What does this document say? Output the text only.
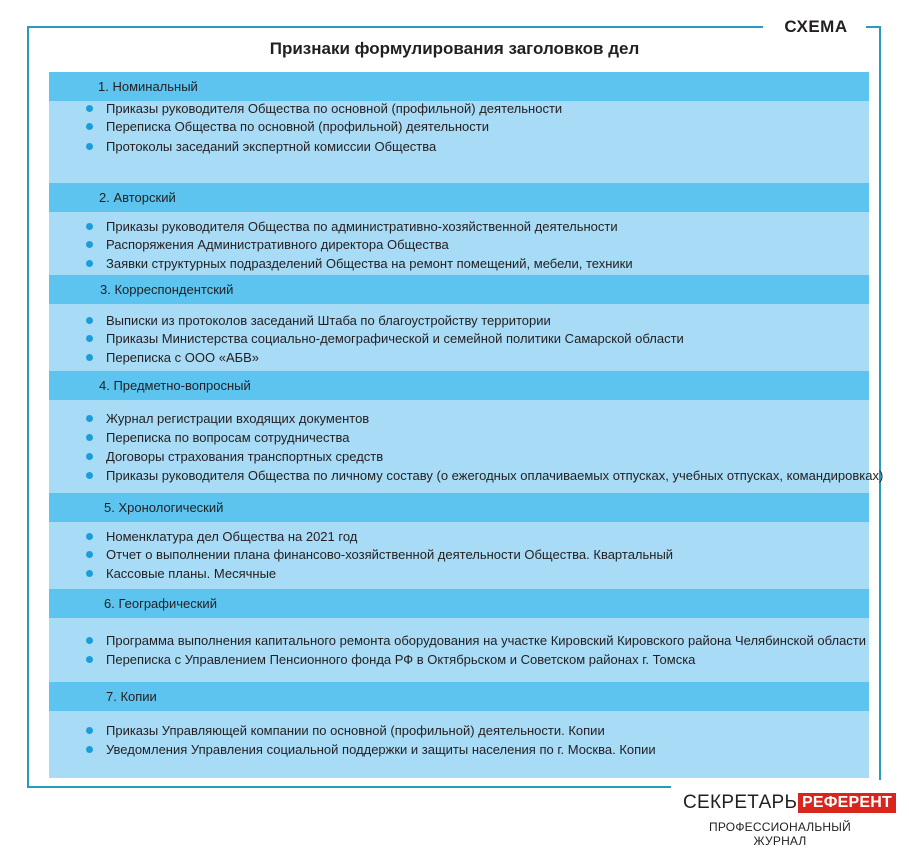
СХЕМА
Признаки формулирования заголовков дел
1. Номинальный
Приказы руководителя Общества по основной (профильной) деятельности
Переписка Общества по основной (профильной) деятельности
Протоколы заседаний экспертной комиссии Общества
2. Авторский
Приказы руководителя Общества по административно-хозяйственной деятельности
Распоряжения Административного директора Общества
Заявки структурных подразделений Общества на ремонт помещений, мебели, техники
3. Корреспондентский
Выписки из протоколов заседаний Штаба по благоустройству территории
Приказы Министерства социально-демографической и семейной политики Самарской области
Переписка с ООО «АБВ»
4. Предметно-вопросный
Журнал регистрации входящих документов
Переписка по вопросам сотрудничества
Договоры страхования транспортных средств
Приказы руководителя Общества по личному составу (о ежегодных оплачиваемых отпусках, учебных отпусках, командировках)
5. Хронологический
Номенклатура дел Общества на 2021 год
Отчет о выполнении плана финансово-хозяйственной деятельности Общества. Квартальный
Кассовые планы. Месячные
6. Географический
Программа выполнения капитального ремонта оборудования на участке Кировский Кировского района Челябинской области
Переписка с Управлением Пенсионного фонда РФ в Октябрьском и Советском районах г. Томска
7. Копии
Приказы Управляющей компании по основной (профильной) деятельности. Копии
Уведомления Управления социальной поддержки и защиты населения по г. Москва. Копии
СЕКРЕТАРЬ РЕФЕРЕНТ
ПРОФЕССИОНАЛЬНЫЙ ЖУРНАЛ
